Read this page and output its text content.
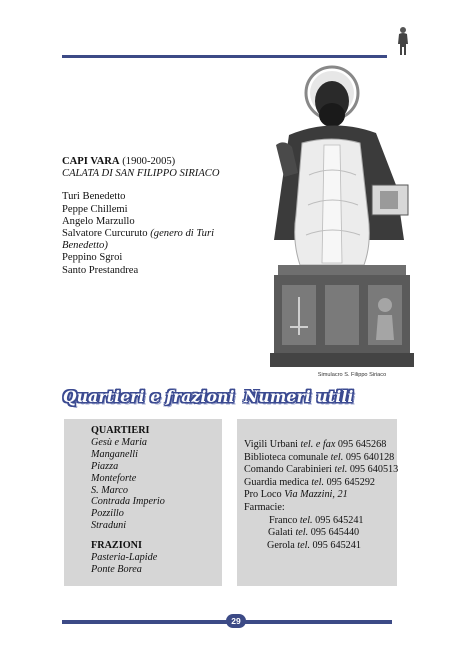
CAPI VARA (1900-2005)
CALATA DI SAN FILIPPO SIRIACO
Turi Benedetto
Peppe Chillemi
Angelo Marzullo
Salvatore Curcuruto (genero di Turi Benedetto)
Peppino Sgroi
Santo Prestandrea
Simulacro S. Filippo Siriaco
Quartieri e frazioni Numeri utili
QUARTIERI
Gesù e Maria
Manganelli
Piazza
Monteforte
S. Marco
Contrada Imperio
Pozzillo
Straduni
FRAZIONI
Pasteria-Lapide
Ponte Borea
Vigili Urbani tel. e fax 095 645268
Biblioteca comunale tel. 095 640128
Comando Carabinieri tel. 095 640513
Guardia medica tel. 095 645292
Pro Loco Via Mazzini, 21
Farmacie:
Franco tel. 095 645241
Galati tel. 095 645440
Gerola tel. 095 645241
29
